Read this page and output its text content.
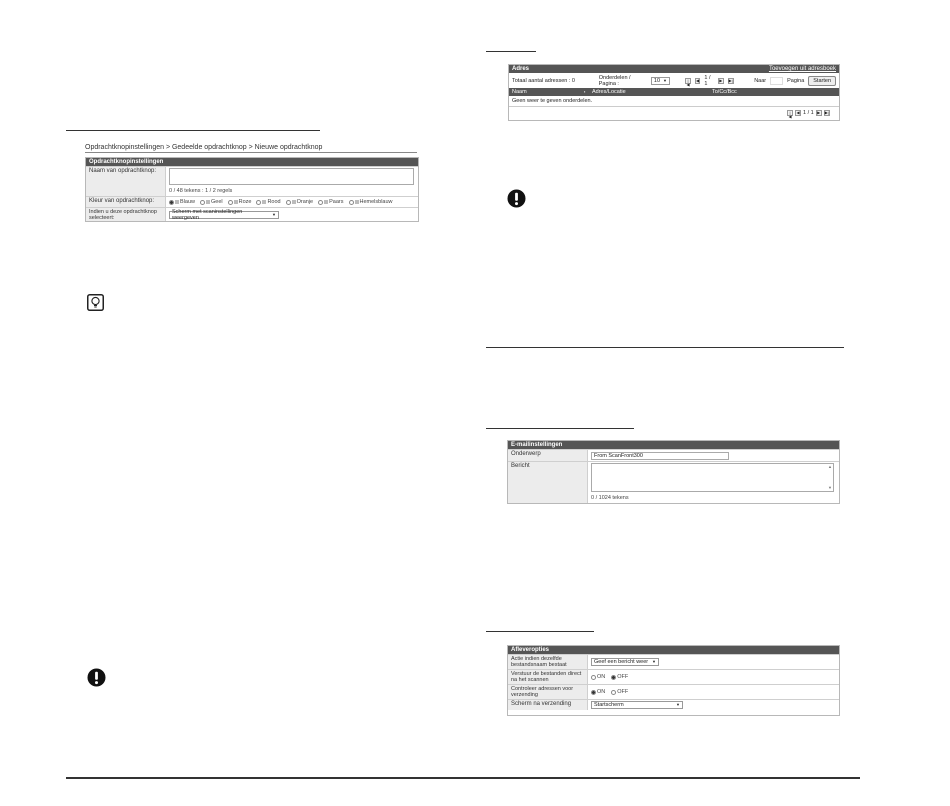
Opdrachtknopinstellingen > Gedeelde opdrachtknop > Nieuwe opdrachtknop
Opdrachtknopinstellingen
Naam van opdrachtknop:
0 / 48 tekens : 1 / 2 regels
Kleur van opdrachtknop:	Blauw	Geel	Roze	Rood	Oranje	Paars	Hemelsblauw
Indien u deze opdrachtknop selecteert:
Scherm met scaninstellingen weergeven
▼
Adres	Toevoegen uit adresboek
Totaal aantal adressen : 0	Onderdelen / Pagina :	10 ▼	|◀
◀ 1 / 1
▶	▶|	Naar	Pagina	Starten
Naam	▪	Adres/Locatie	To/Cc/Bcc
Geen weer te geven onderdelen.
|◀
◀ 1 / 1 ▶	▶|
E-mailinstellingen
Onderwerp	From ScanFront300
Bericht	▲
▼
0 / 1024 tekens
Afleveropties
Actie indien dezelfde bestandsnaam bestaat	Geef een bericht weer ▼
Verstuur de bestanden direct na het scannen
ON OFF
Controleer adressen voor verzending
ON OFF
Scherm na verzending	Startscherm	▼
